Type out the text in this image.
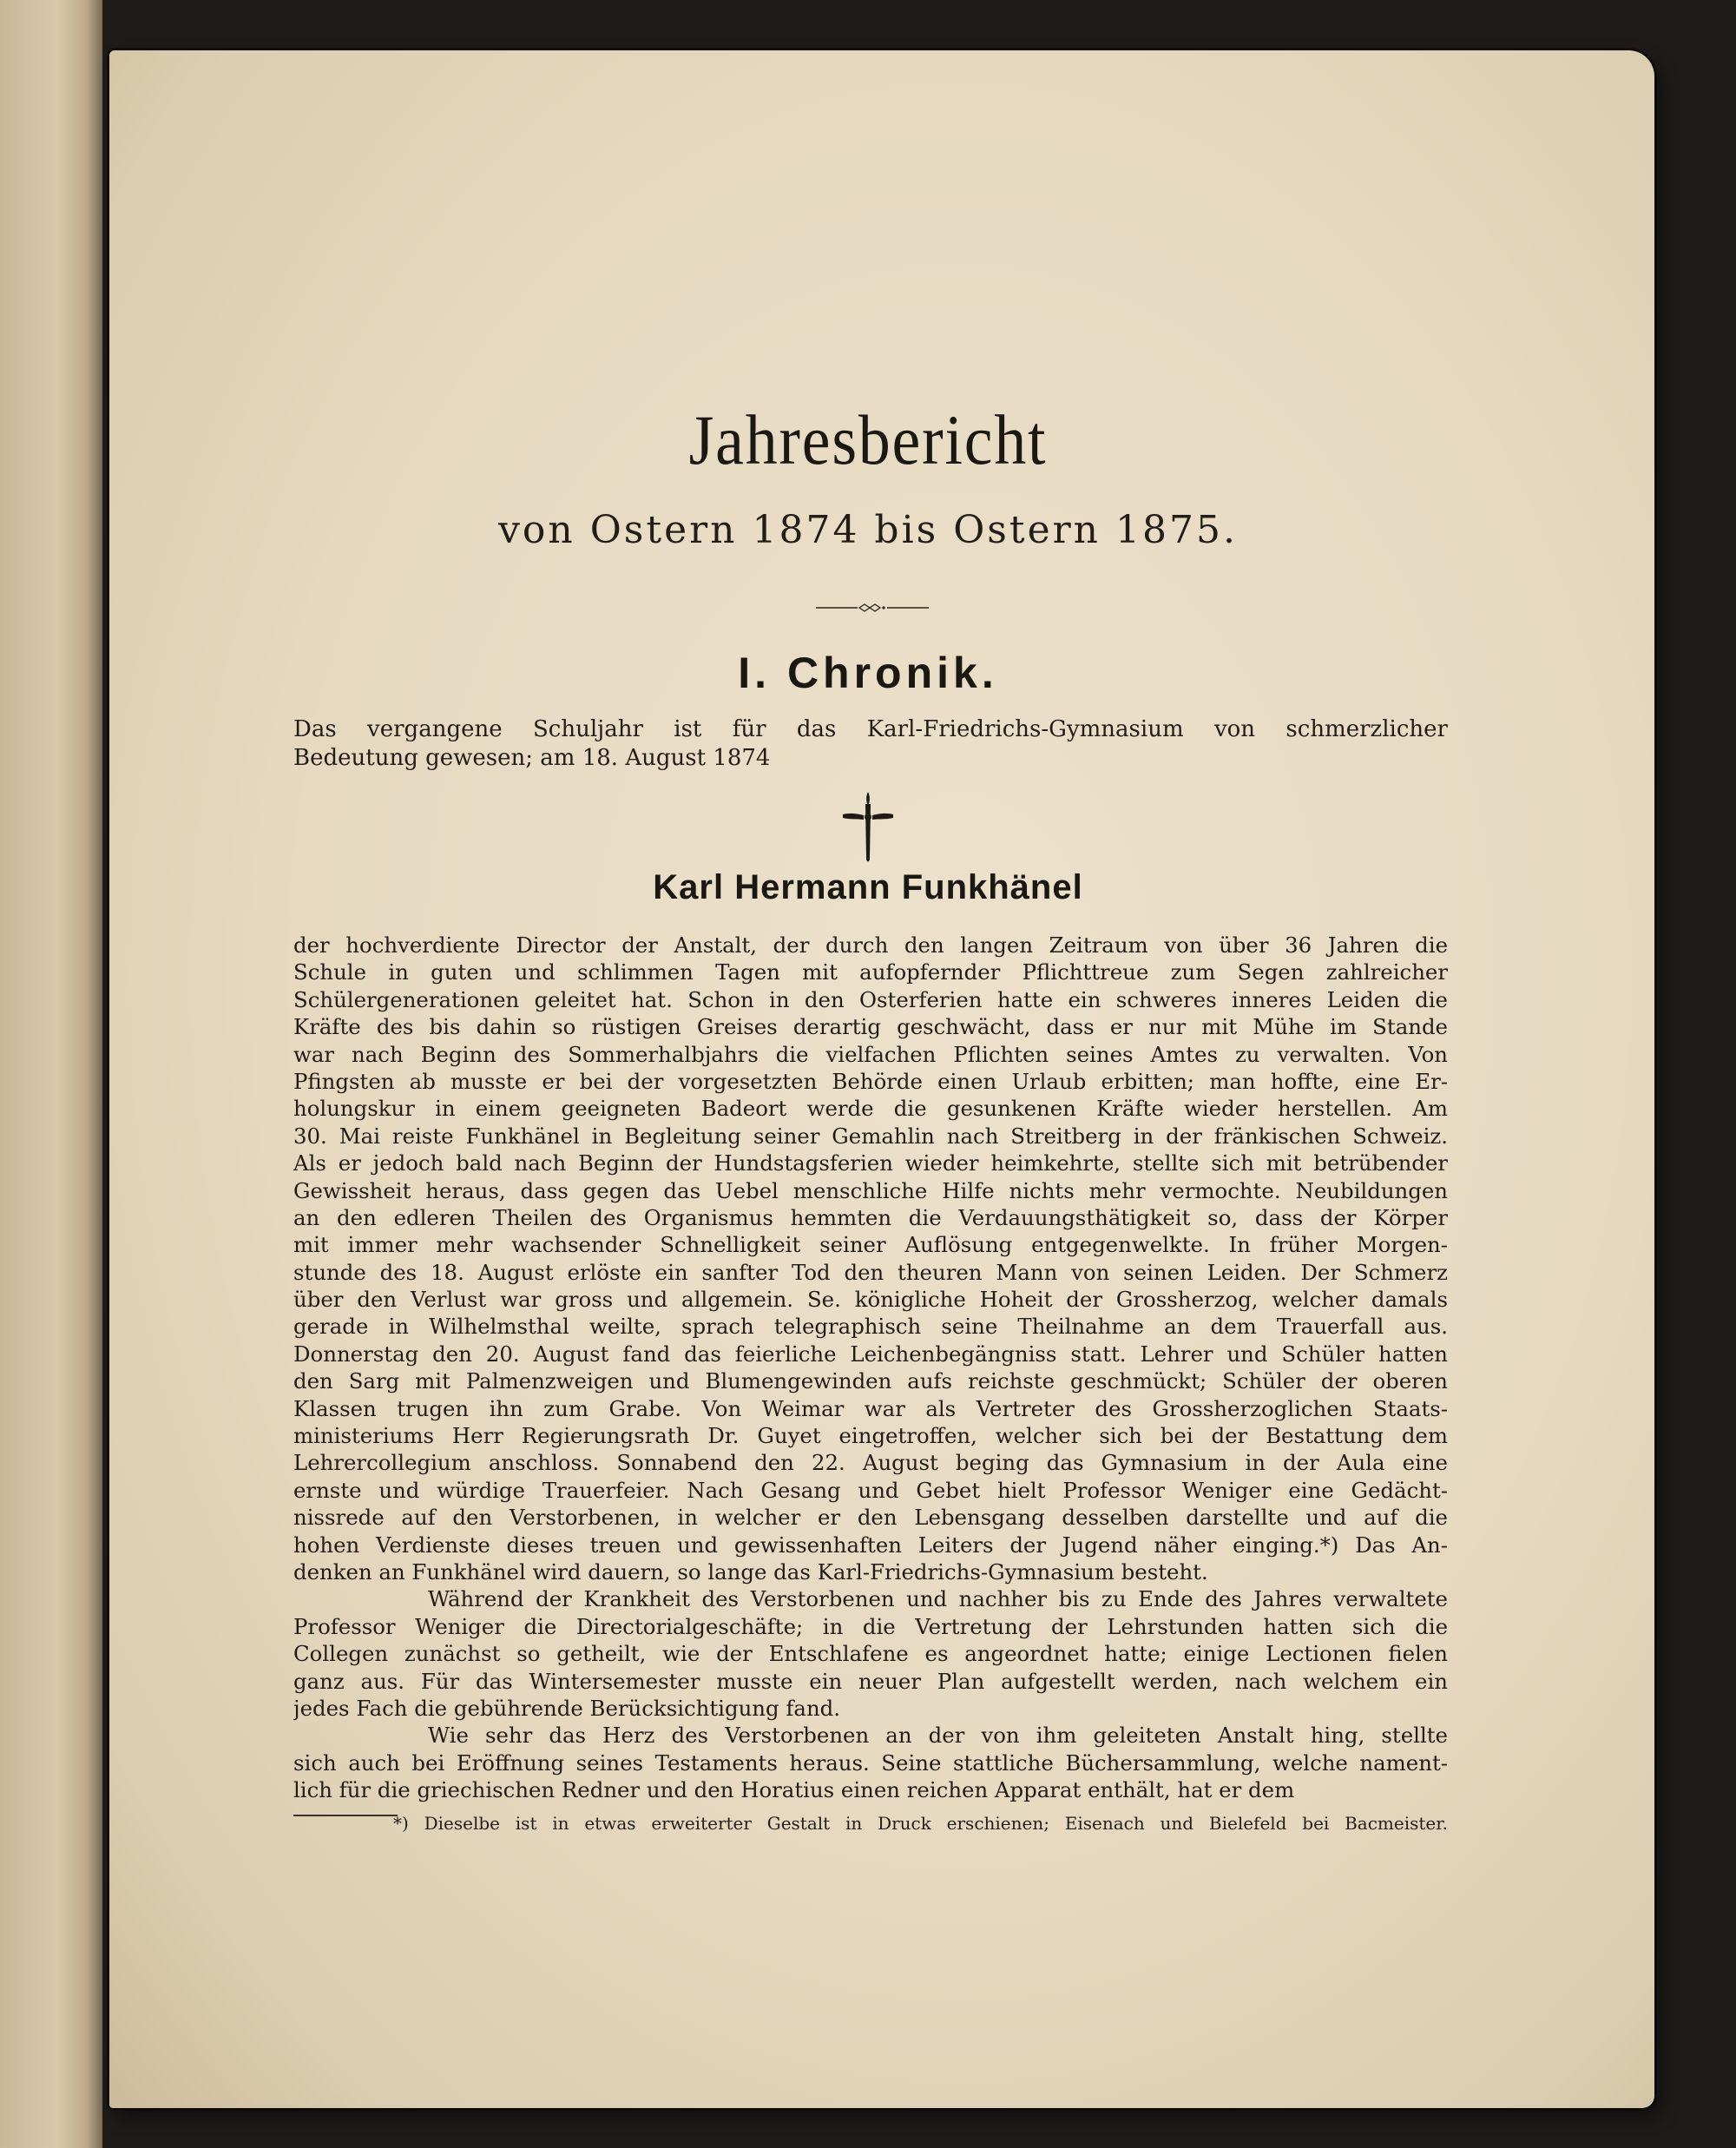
Jahresbericht
von Ostern 1874 bis Ostern 1875.
I. Chronik.
Das vergangene Schuljahr ist für das Karl-Friedrichs-Gymnasium von schmerzlicher
Bedeutung gewesen; am 18. August 1874
Karl Hermann Funkhänel
der hochverdiente Director der Anstalt, der durch den langen Zeitraum von über 36 Jahren die
Schule in guten und schlimmen Tagen mit aufopfernder Pflichttreue zum Segen zahlreicher
Schülergenerationen geleitet hat. Schon in den Osterferien hatte ein schweres inneres Leiden die
Kräfte des bis dahin so rüstigen Greises derartig geschwächt, dass er nur mit Mühe im Stande
war nach Beginn des Sommerhalbjahrs die vielfachen Pflichten seines Amtes zu verwalten. Von
Pfingsten ab musste er bei der vorgesetzten Behörde einen Urlaub erbitten; man hoffte, eine Er-
holungskur in einem geeigneten Badeort werde die gesunkenen Kräfte wieder herstellen. Am
30. Mai reiste Funkhänel in Begleitung seiner Gemahlin nach Streitberg in der fränkischen Schweiz.
Als er jedoch bald nach Beginn der Hundstagsferien wieder heimkehrte, stellte sich mit betrübender
Gewissheit heraus, dass gegen das Uebel menschliche Hilfe nichts mehr vermochte. Neubildungen
an den edleren Theilen des Organismus hemmten die Verdauungsthätigkeit so, dass der Körper
mit immer mehr wachsender Schnelligkeit seiner Auflösung entgegenwelkte. In früher Morgen-
stunde des 18. August erlöste ein sanfter Tod den theuren Mann von seinen Leiden. Der Schmerz
über den Verlust war gross und allgemein. Se. königliche Hoheit der Grossherzog, welcher damals
gerade in Wilhelmsthal weilte, sprach telegraphisch seine Theilnahme an dem Trauerfall aus.
Donnerstag den 20. August fand das feierliche Leichenbegängniss statt. Lehrer und Schüler hatten
den Sarg mit Palmenzweigen und Blumengewinden aufs reichste geschmückt; Schüler der oberen
Klassen trugen ihn zum Grabe. Von Weimar war als Vertreter des Grossherzoglichen Staats-
ministeriums Herr Regierungsrath Dr. Guyet eingetroffen, welcher sich bei der Bestattung dem
Lehrercollegium anschloss. Sonnabend den 22. August beging das Gymnasium in der Aula eine
ernste und würdige Trauerfeier. Nach Gesang und Gebet hielt Professor Weniger eine Gedächt-
nissrede auf den Verstorbenen, in welcher er den Lebensgang desselben darstellte und auf die
hohen Verdienste dieses treuen und gewissenhaften Leiters der Jugend näher einging.*) Das An-
denken an Funkhänel wird dauern, so lange das Karl-Friedrichs-Gymnasium besteht.
Während der Krankheit des Verstorbenen und nachher bis zu Ende des Jahres verwaltete
Professor Weniger die Directorialgeschäfte; in die Vertretung der Lehrstunden hatten sich die
Collegen zunächst so getheilt, wie der Entschlafene es angeordnet hatte; einige Lectionen fielen
ganz aus. Für das Wintersemester musste ein neuer Plan aufgestellt werden, nach welchem ein
jedes Fach die gebührende Berücksichtigung fand.
Wie sehr das Herz des Verstorbenen an der von ihm geleiteten Anstalt hing, stellte
sich auch bei Eröffnung seines Testaments heraus. Seine stattliche Büchersammlung, welche nament-
lich für die griechischen Redner und den Horatius einen reichen Apparat enthält, hat er dem
*) Dieselbe ist in etwas erweiterter Gestalt in Druck erschienen; Eisenach und Bielefeld bei Bacmeister.
